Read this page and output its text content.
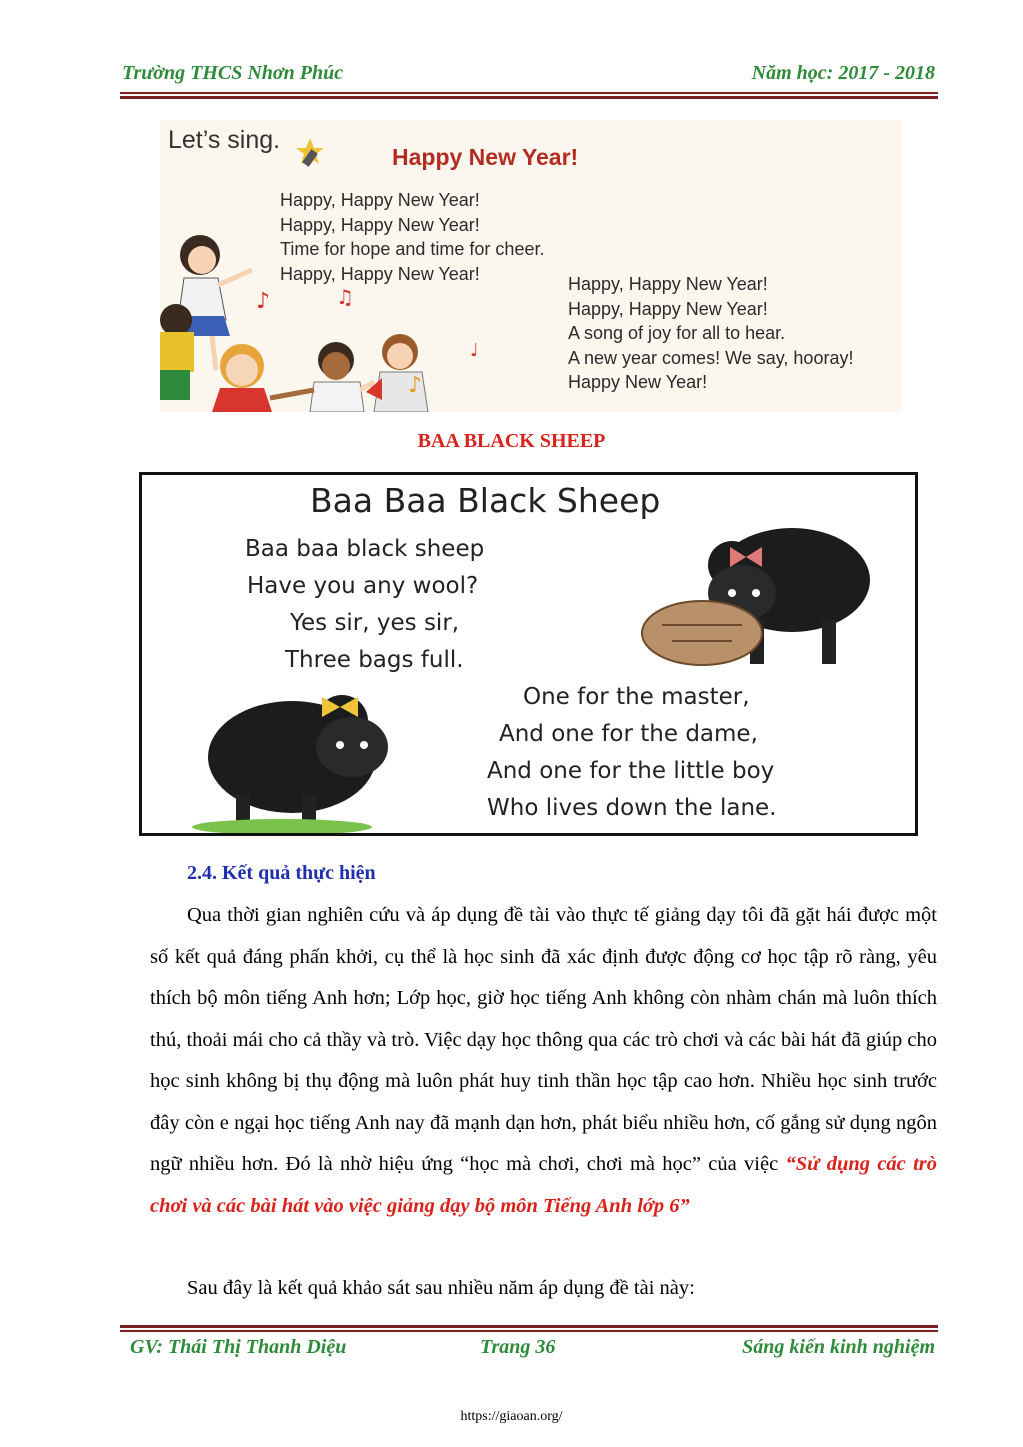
Trường THCS Nhơn Phúc	Năm học: 2017 - 2018
♪	♫
♪
♩
Let’s sing.
Happy New Year!
Happy, Happy New Year!
Happy, Happy New Year!
Time for hope and time for cheer.
Happy, Happy New Year!
Happy, Happy New Year!
Happy, Happy New Year!
A song of joy for all to hear.
A new year comes! We say, hooray!
Happy New Year!
BAA BLACK SHEEP
Baa Baa Black Sheep
Baa baa black sheep
Have you any wool?
Yes sir, yes sir,
Three bags full.
One for the master,
And one for the dame,
And one for the little boy
Who lives down the lane.
2.4. Kết quả thực hiện
Qua thời gian nghiên cứu và áp dụng đề tài vào thực tế giảng dạy tôi đã gặt hái được một số kết quả đáng phấn khởi, cụ thể là học sinh đã xác định được động cơ học tập rõ ràng, yêu thích bộ môn tiếng Anh hơn; Lớp học, giờ học tiếng Anh không còn nhàm chán mà luôn thích thú, thoải mái cho cả thầy và trò. Việc dạy học thông qua các trò chơi và các bài hát đã giúp cho học sinh không bị thụ động mà luôn phát huy tinh thần học tập cao hơn. Nhiều học sinh trước đây còn e ngại học tiếng Anh nay đã mạnh dạn hơn, phát biểu nhiều hơn, cố gắng sử dụng ngôn ngữ nhiều hơn. Đó là nhờ hiệu ứng “học mà chơi, chơi mà học” của việc “Sử dụng các trò chơi và các bài hát vào việc giảng dạy bộ môn Tiếng Anh lớp 6”
Sau đây là kết quả khảo sát sau nhiều năm áp dụng đề tài này:
GV: Thái Thị Thanh Diệu	Trang 36	Sáng kiến kinh nghiệm
https://giaoan.org/
